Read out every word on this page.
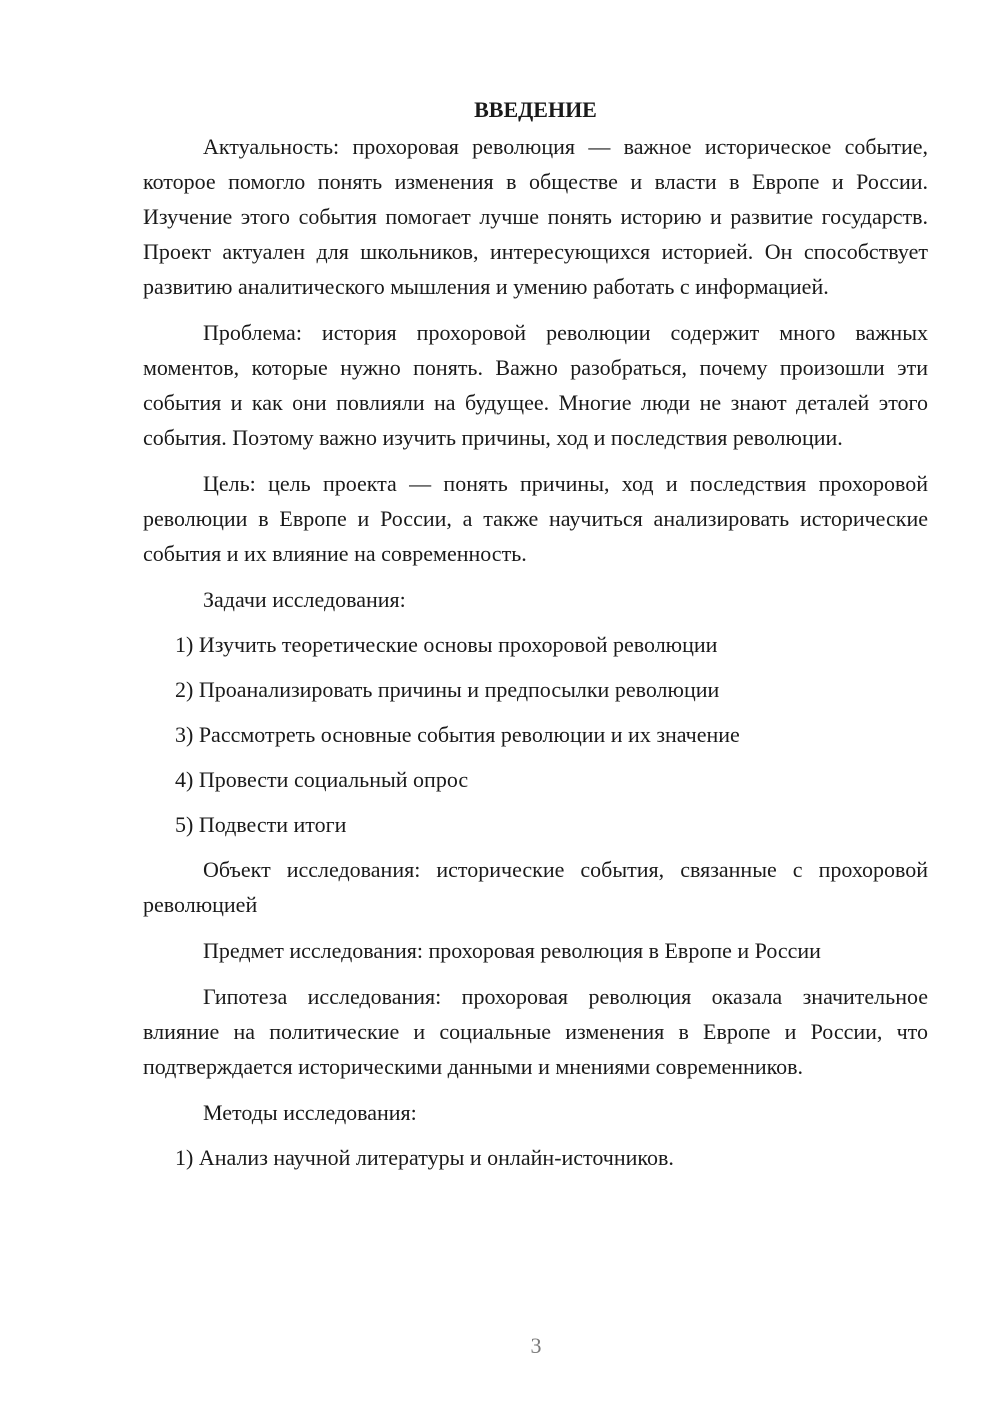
ВВЕДЕНИЕ

Актуальность: прохоровая революция — важное историческое событие, которое помогло понять изменения в обществе и власти в Европе и России. Изучение этого события помогает лучше понять историю и развитие государств. Проект актуален для школьников, интересующихся историей. Он способствует развитию аналитического мышления и умению работать с информацией.

Проблема: история прохоровой революции содержит много важных моментов, которые нужно понять. Важно разобраться, почему произошли эти события и как они повлияли на будущее. Многие люди не знают деталей этого события. Поэтому важно изучить причины, ход и последствия революции.

Цель: цель проекта — понять причины, ход и последствия прохоровой революции в Европе и России, а также научиться анализировать исторические события и их влияние на современность.

Задачи исследования:

1) Изучить теоретические основы прохоровой революции

2) Проанализировать причины и предпосылки революции

3) Рассмотреть основные события революции и их значение

4) Провести социальный опрос

5) Подвести итоги

Объект исследования: исторические события, связанные с прохоровой революцией

Предмет исследования: прохоровая революция в Европе и России

Гипотеза исследования: прохоровая революция оказала значительное влияние на политические и социальные изменения в Европе и России, что подтверждается историческими данными и мнениями современников.

Методы исследования:

1) Анализ научной литературы и онлайн-источников.

3
